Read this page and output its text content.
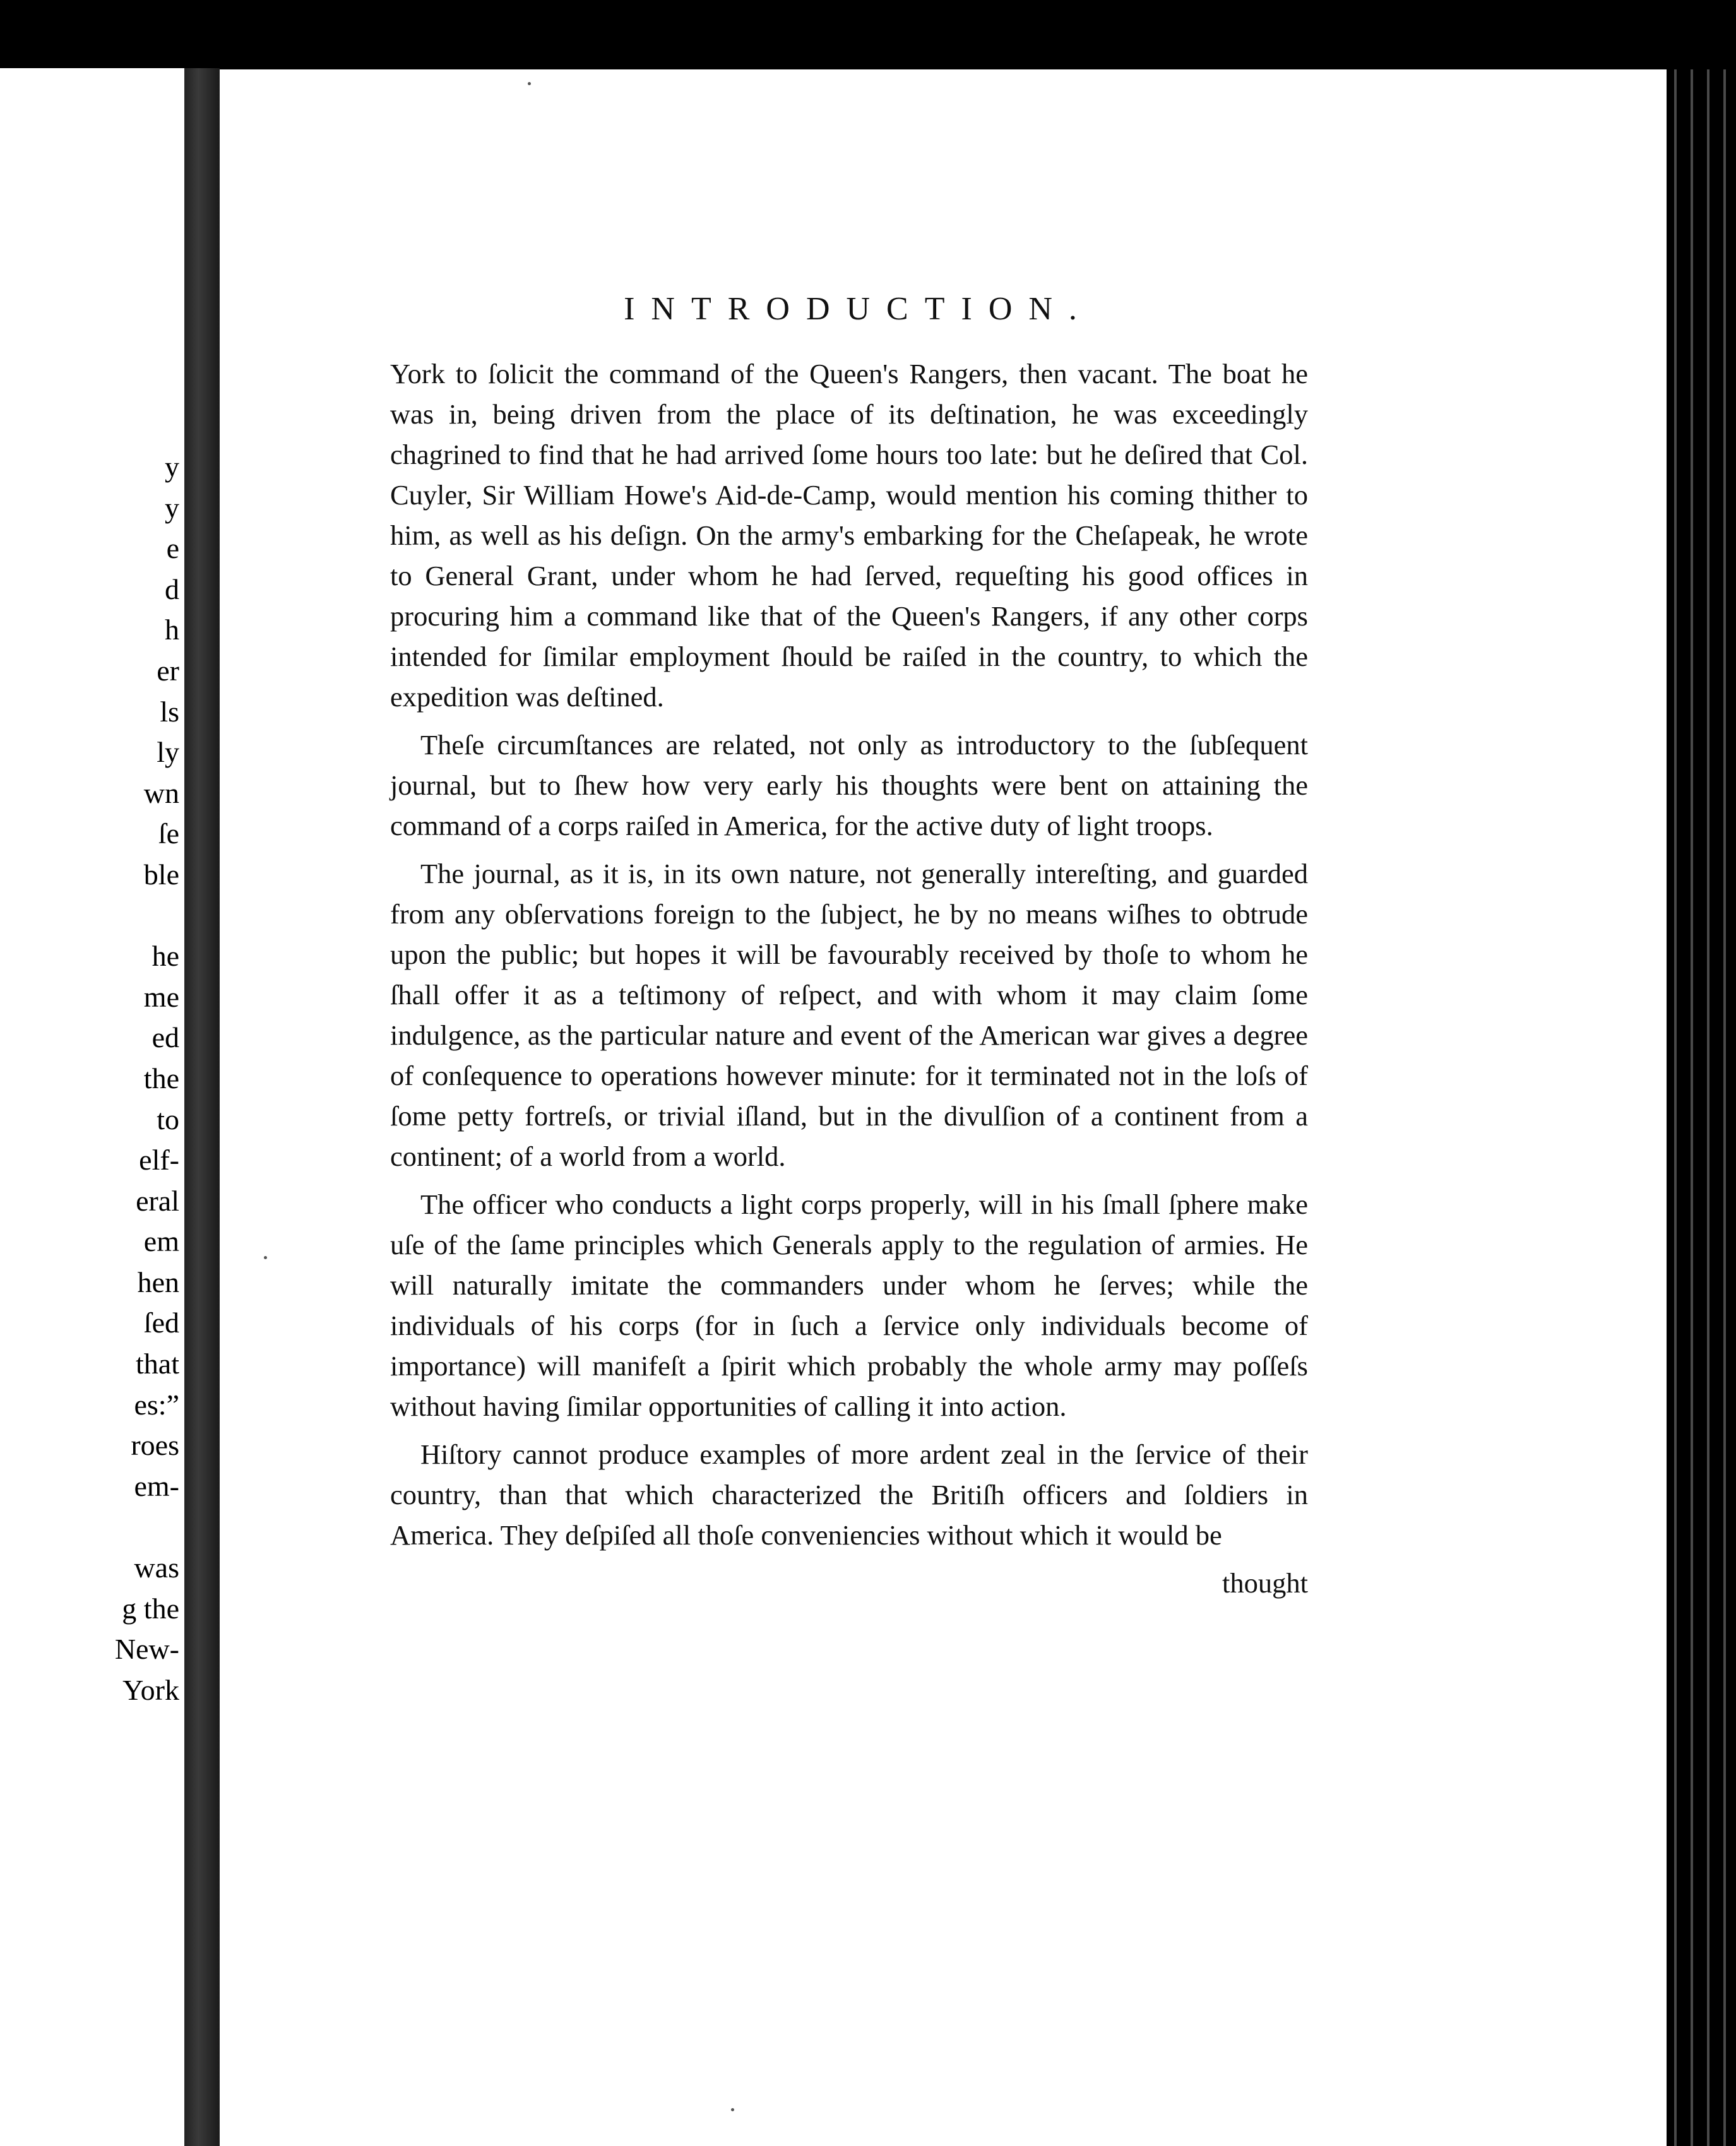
y
y
e
d
h
er
ls
ly
wn
ſe
ble
he
me
ed
the
to
elf-
eral
em
hen
ſed
that
es:”
roes
em-
was
g the
New-
York
INTRODUCTION.

York to ſolicit the command of the Queen's Rangers, then vacant. The boat he was in, being driven from the place of its deſtination, he was exceedingly chagrined to find that he had arrived ſome hours too late: but he deſired that Col. Cuyler, Sir William Howe's Aid-de-Camp, would mention his coming thither to him, as well as his deſign. On the army's embarking for the Cheſapeak, he wrote to General Grant, under whom he had ſerved, requeſting his good offices in procuring him a command like that of the Queen's Rangers, if any other corps intended for ſimilar employment ſhould be raiſed in the country, to which the expedition was deſtined.

Theſe circumſtances are related, not only as introductory to the ſubſequent journal, but to ſhew how very early his thoughts were bent on attaining the command of a corps raiſed in America, for the active duty of light troops.

The journal, as it is, in its own nature, not generally intereſting, and guarded from any obſervations foreign to the ſubject, he by no means wiſhes to obtrude upon the public; but hopes it will be favourably received by thoſe to whom he ſhall offer it as a teſtimony of reſpect, and with whom it may claim ſome indulgence, as the particular nature and event of the American war gives a degree of conſequence to operations however minute: for it terminated not in the loſs of ſome petty fortreſs, or trivial iſland, but in the divulſion of a continent from a continent; of a world from a world.

The officer who conducts a light corps properly, will in his ſmall ſphere make uſe of the ſame principles which Generals apply to the regulation of armies. He will naturally imitate the commanders under whom he ſerves; while the individuals of his corps (for in ſuch a ſervice only individuals become of importance) will manifeſt a ſpirit which probably the whole army may poſſeſs without having ſimilar opportunities of calling it into action.

Hiſtory cannot produce examples of more ardent zeal in the ſervice of their country, than that which characterized the Britiſh officers and ſoldiers in America. They deſpiſed all thoſe conveniencies without which it would be

thought
